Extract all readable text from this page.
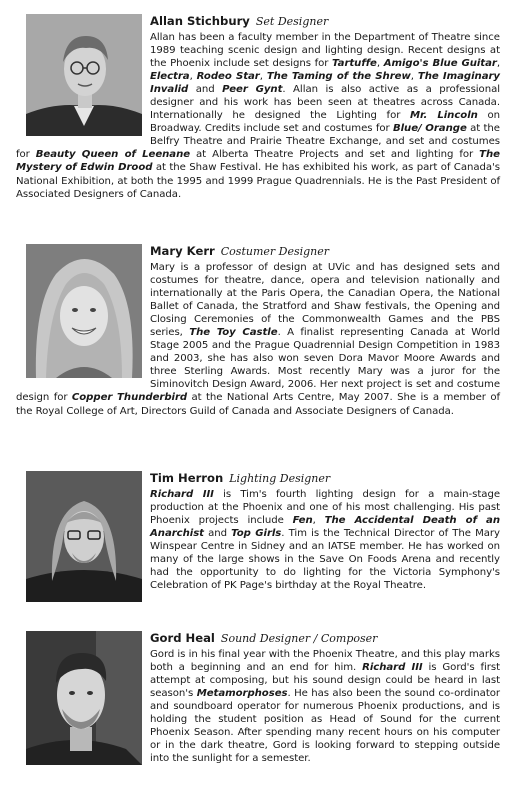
Allan Stichbury Set Designer

Allan has been a faculty member in the Department of Theatre since 1989 teaching scenic design and lighting design. Recent designs at the Phoenix include set designs for Tartuffe, Amigo's Blue Guitar, Electra, Rodeo Star, The Taming of the Shrew, The Imaginary Invalid and Peer Gynt. Allan is also active as a professional designer and his work has been seen at theatres across Canada. Internationally he designed the Lighting for Mr. Lincoln on Broadway. Credits include set and costumes for Blue/ Orange at the Belfry Theatre and Prairie Theatre Exchange, and set and costumes for Beauty Queen of Leenane at Alberta Theatre Projects and set and lighting for The Mystery of Edwin Drood at the Shaw Festival. He has exhibited his work, as part of Canada's National Exhibition, at both the 1995 and 1999 Prague Quadrennials. He is the Past President of Associated Designers of Canada.

Mary Kerr Costumer Designer

Mary is a professor of design at UVic and has designed sets and costumes for theatre, dance, opera and television nationally and internationally at the Paris Opera, the Canadian Opera, the National Ballet of Canada, the Stratford and Shaw festivals, the Opening and Closing Ceremonies of the Commonwealth Games and the PBS series, The Toy Castle. A finalist representing Canada at World Stage 2005 and the Prague Quadrennial Design Competition in 1983 and 2003, she has also won seven Dora Mavor Moore Awards and three Sterling Awards. Most recently Mary was a juror for the Siminovitch Design Award, 2006. Her next project is set and costume design for Copper Thunderbird at the National Arts Centre, May 2007. She is a member of the Royal College of Art, Directors Guild of Canada and Associate Designers of Canada.

Tim Herron Lighting Designer

Richard III is Tim's fourth lighting design for a main-stage production at the Phoenix and one of his most challenging. His past Phoenix projects include Fen, The Accidental Death of an Anarchist and Top Girls. Tim is the Technical Director of The Mary Winspear Centre in Sidney and an IATSE member. He has worked on many of the large shows in the Save On Foods Arena and recently had the opportunity to do lighting for the Victoria Symphony's Celebration of PK Page's birthday at the Royal Theatre.

Gord Heal Sound Designer / Composer

Gord is in his final year with the Phoenix Theatre, and this play marks both a beginning and an end for him. Richard III is Gord's first attempt at composing, but his sound design could be heard in last season's Metamorphoses. He has also been the sound co-ordinator and soundboard operator for numerous Phoenix productions, and is holding the student position as Head of Sound for the current Phoenix Season. After spending many recent hours on his computer or in the dark theatre, Gord is looking forward to stepping outside into the sunlight for a semester.
